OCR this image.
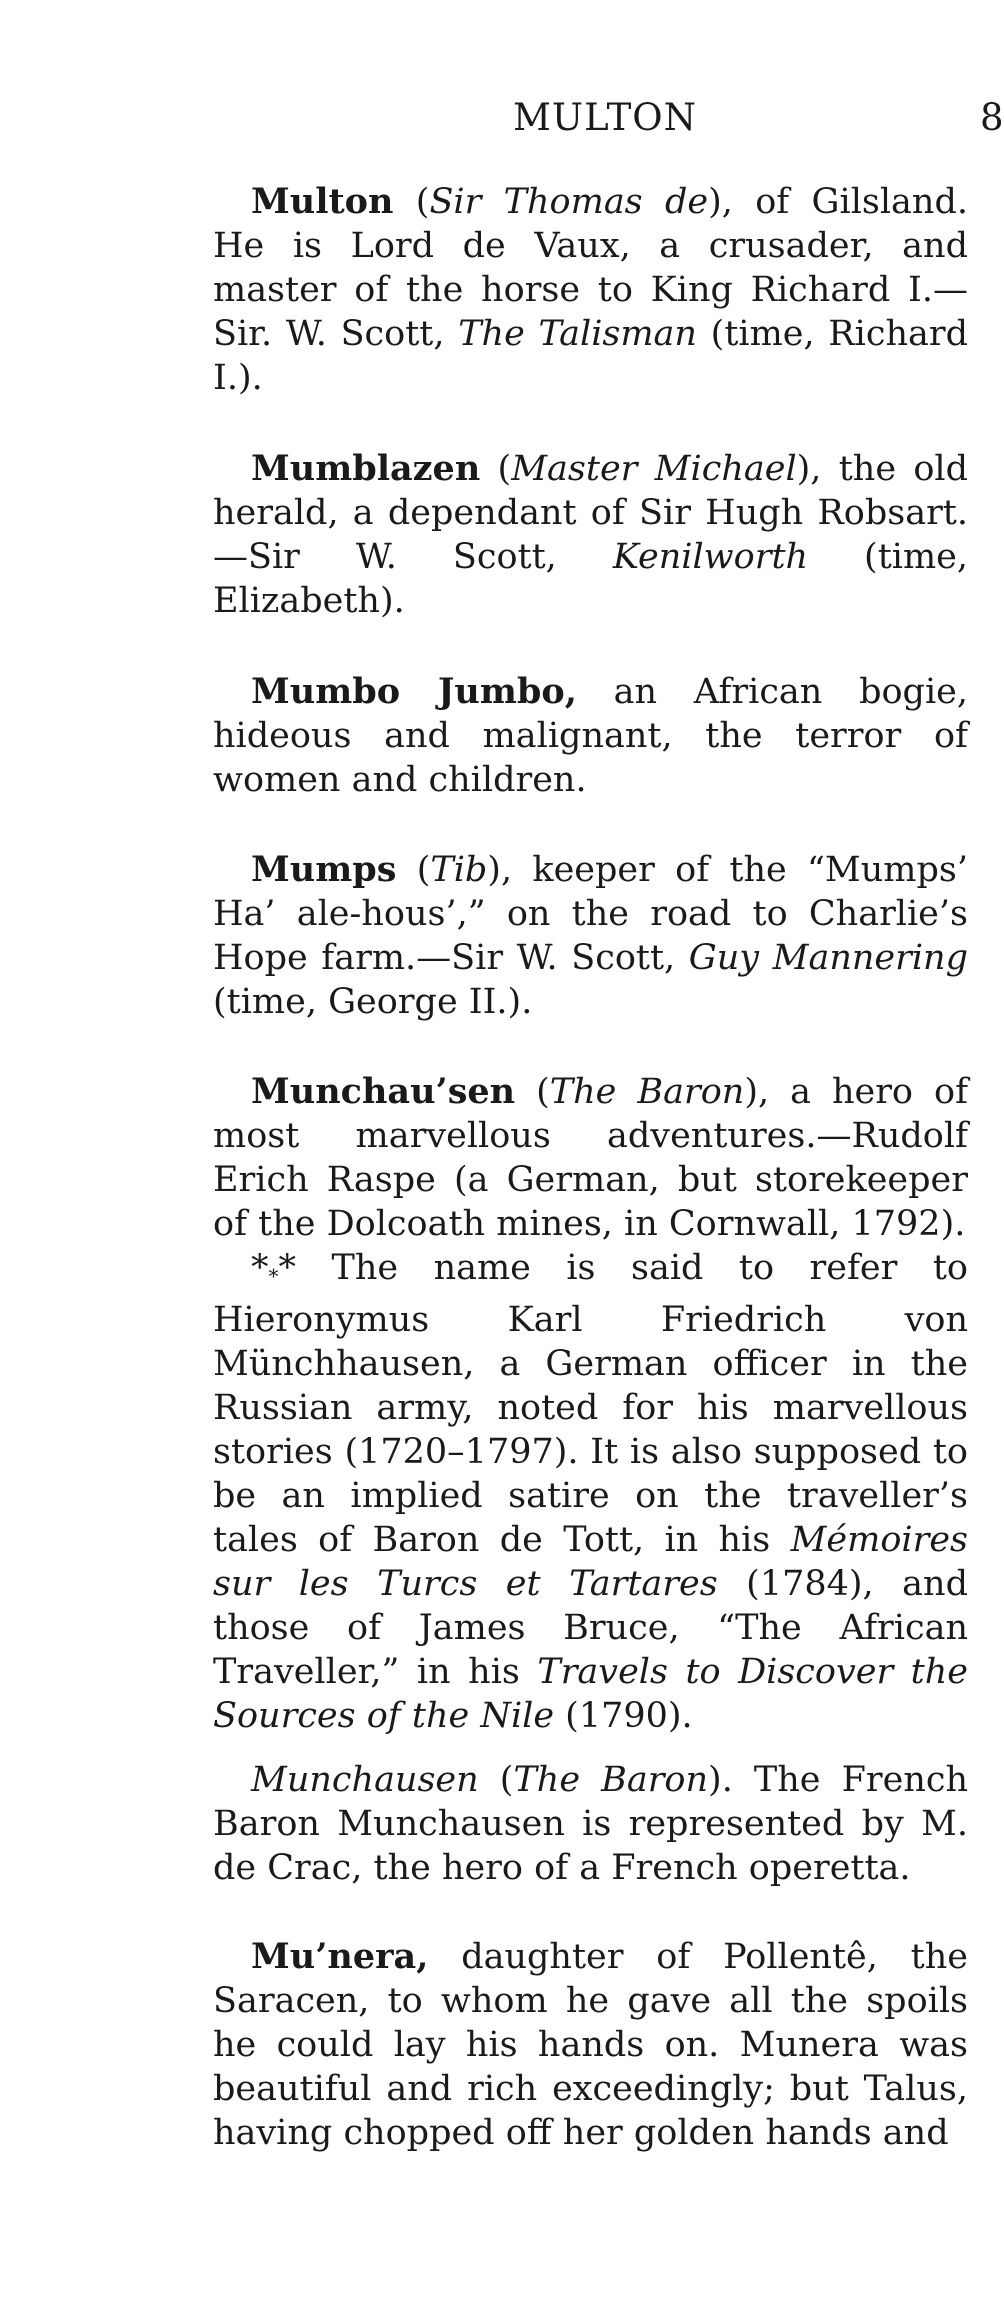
MULTON	8

Multon (Sir Thomas de), of Gilsland. He is Lord de Vaux, a crusader, and master of the horse to King Richard I.—Sir. W. Scott, The Talisman (time, Richard I.).

Mumblazen (Master Michael), the old herald, a dependant of Sir Hugh Robsart. —Sir W. Scott, Kenilworth (time, Elizabeth).

Mumbo Jumbo, an African bogie, hideous and malignant, the terror of women and children.

Mumps (Tib), keeper of the “Mumps’ Ha’ ale-hous’,” on the road to Charlie’s Hope farm.—Sir W. Scott, Guy Mannering (time, George II.).

Munchau’sen (The Baron), a hero of most marvellous adventures.—Rudolf Erich Raspe (a German, but storekeeper of the Dolcoath mines, in Cornwall, 1792).

$*_**$ The name is said to refer to Hieronymus Karl Friedrich von Münchhausen, a German officer in the Russian army, noted for his marvellous stories (1720–1797). It is also supposed to be an implied satire on the traveller’s tales of Baron de Tott, in his Mémoires sur les Turcs et Tartares (1784), and those of James Bruce, “The African Traveller,” in his Travels to Discover the Sources of the Nile (1790).

Munchausen (The Baron). The French Baron Munchausen is represented by M. de Crac, the hero of a French operetta.

Mu’nera, daughter of Pollentê, the Saracen, to whom he gave all the spoils he could lay his hands on. Munera was beautiful and rich exceedingly; but Talus, having chopped off her golden hands and
